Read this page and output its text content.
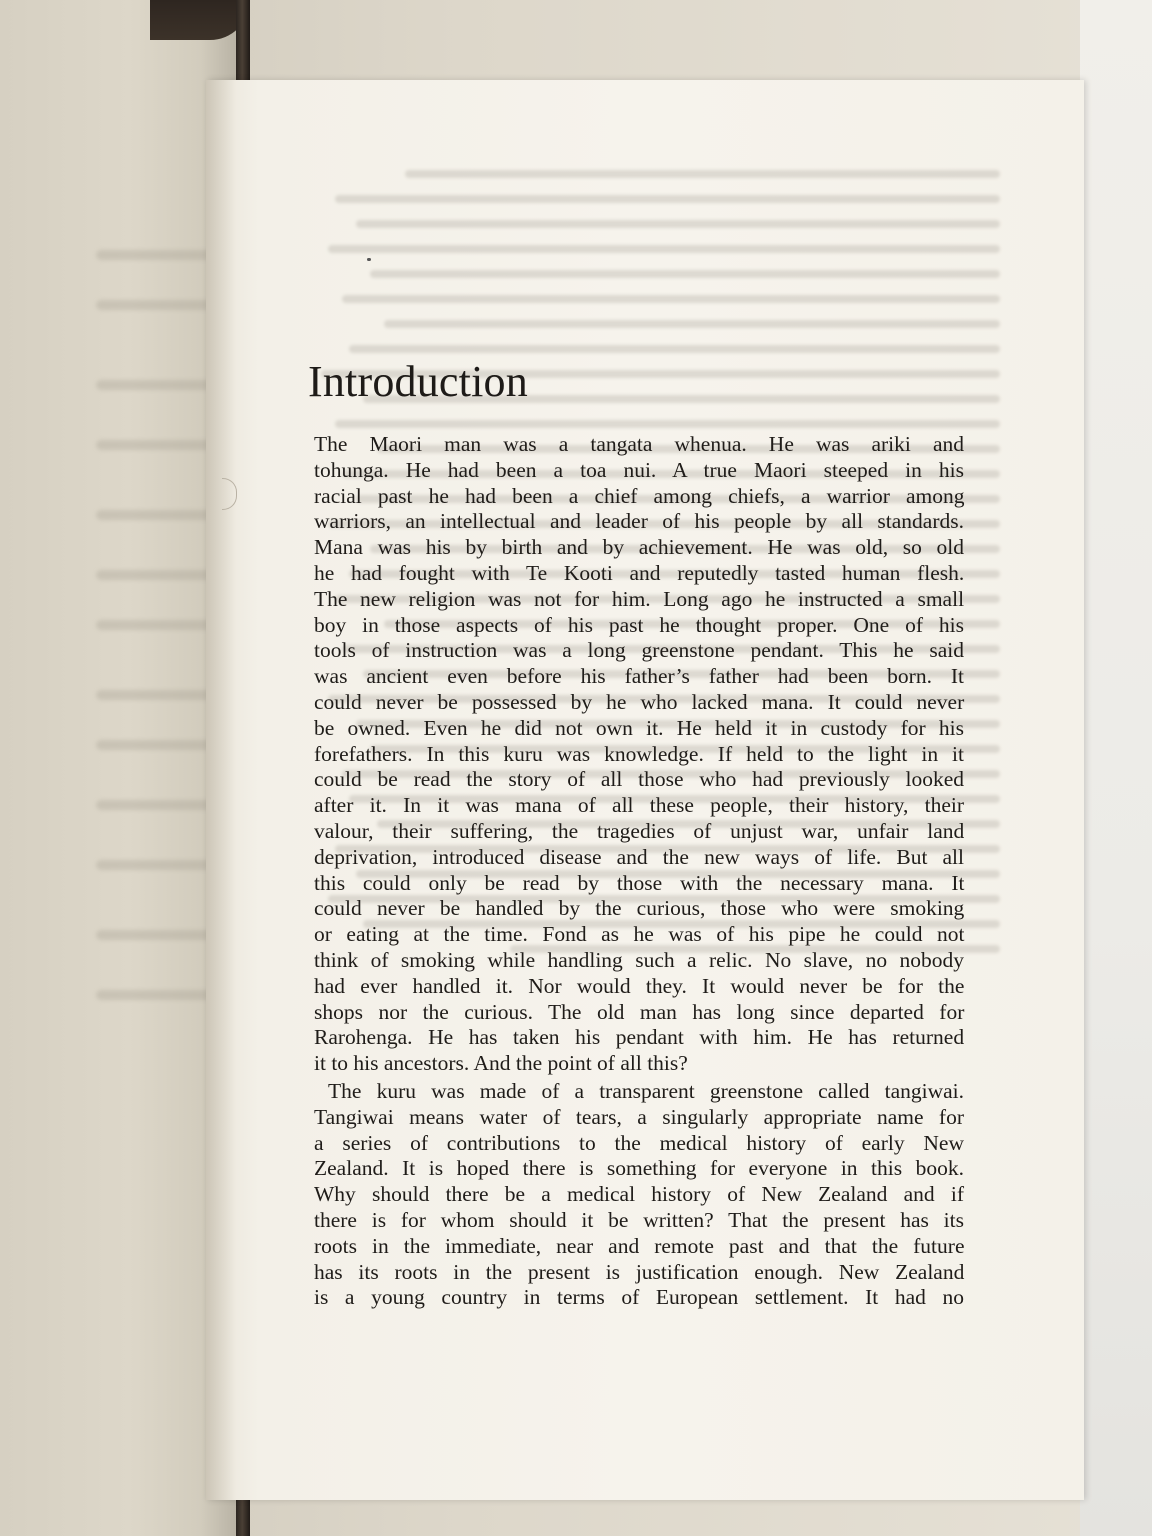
Introduction
The Maori man was a tangata whenua. He was ariki and
tohunga. He had been a toa nui. A true Maori steeped in his
racial past he had been a chief among chiefs, a warrior among
warriors, an intellectual and leader of his people by all standards.
Mana was his by birth and by achievement. He was old, so old
he had fought with Te Kooti and reputedly tasted human flesh.
The new religion was not for him. Long ago he instructed a small
boy in those aspects of his past he thought proper. One of his
tools of instruction was a long greenstone pendant. This he said
was ancient even before his father’s father had been born. It
could never be possessed by he who lacked mana. It could never
be owned. Even he did not own it. He held it in custody for his
forefathers. In this kuru was knowledge. If held to the light in it
could be read the story of all those who had previously looked
after it. In it was mana of all these people, their history, their
valour, their suffering, the tragedies of unjust war, unfair land
deprivation, introduced disease and the new ways of life. But all
this could only be read by those with the necessary mana. It
could never be handled by the curious, those who were smoking
or eating at the time. Fond as he was of his pipe he could not
think of smoking while handling such a relic. No slave, no nobody
had ever handled it. Nor would they. It would never be for the
shops nor the curious. The old man has long since departed for
Rarohenga. He has taken his pendant with him. He has returned
it to his ancestors. And the point of all this?
The kuru was made of a transparent greenstone called tangiwai.
Tangiwai means water of tears, a singularly appropriate name for
a series of contributions to the medical history of early New
Zealand. It is hoped there is something for everyone in this book.
Why should there be a medical history of New Zealand and if
there is for whom should it be written? That the present has its
roots in the immediate, near and remote past and that the future
has its roots in the present is justification enough. New Zealand
is a young country in terms of European settlement. It had no
